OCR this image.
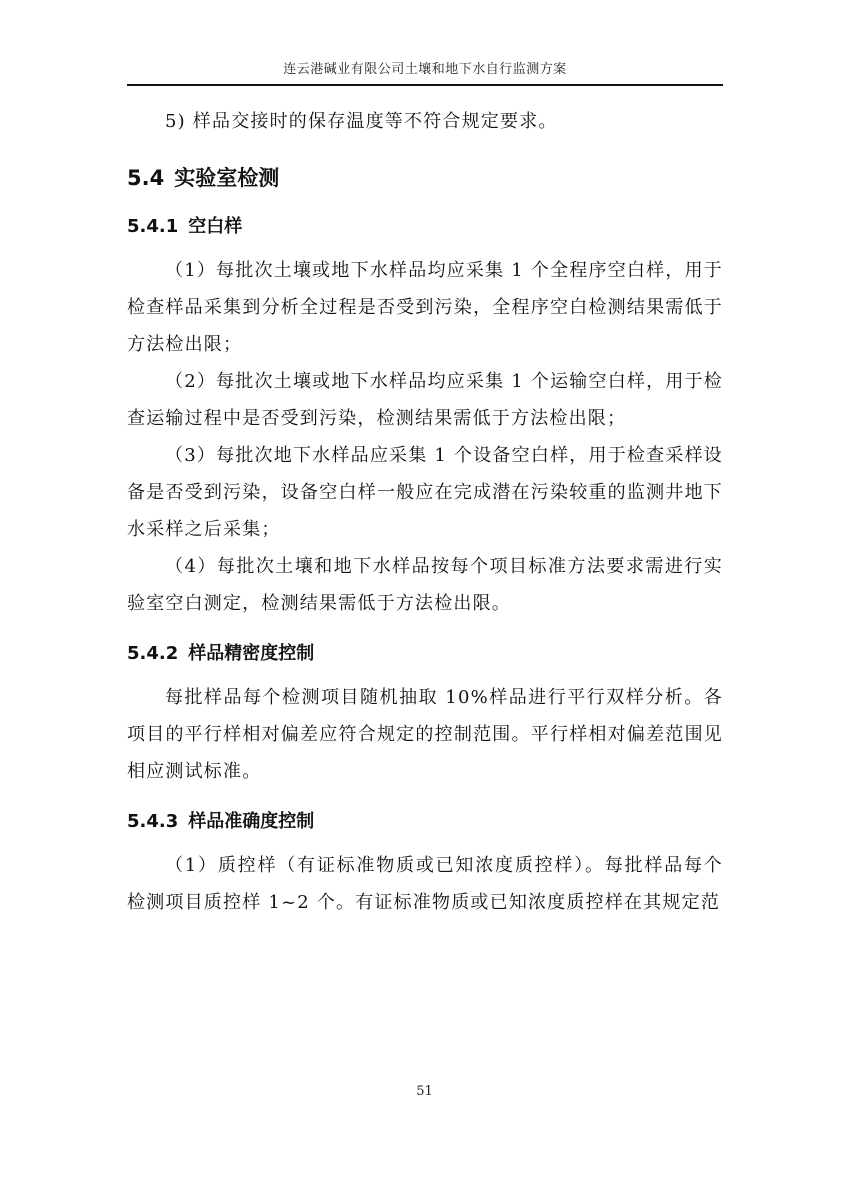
连云港碱业有限公司土壤和地下水自行监测方案

5) 样品交接时的保存温度等不符合规定要求。

5.4 实验室检测
5.4.1 空白样

（1）每批次土壤或地下水样品均应采集 1 个全程序空白样，用于检查样品采集到分析全过程是否受到污染，全程序空白检测结果需低于方法检出限；

（2）每批次土壤或地下水样品均应采集 1 个运输空白样，用于检查运输过程中是否受到污染，检测结果需低于方法检出限；

（3）每批次地下水样品应采集 1 个设备空白样，用于检查采样设备是否受到污染，设备空白样一般应在完成潜在污染较重的监测井地下水采样之后采集；

（4）每批次土壤和地下水样品按每个项目标准方法要求需进行实验室空白测定，检测结果需低于方法检出限。

5.4.2 样品精密度控制

每批样品每个检测项目随机抽取 10%样品进行平行双样分析。各项目的平行样相对偏差应符合规定的控制范围。平行样相对偏差范围见相应测试标准。

5.4.3 样品准确度控制

（1）质控样（有证标准物质或已知浓度质控样）。每批样品每个检测项目质控样 1~2 个。有证标准物质或已知浓度质控样在其规定范

51
